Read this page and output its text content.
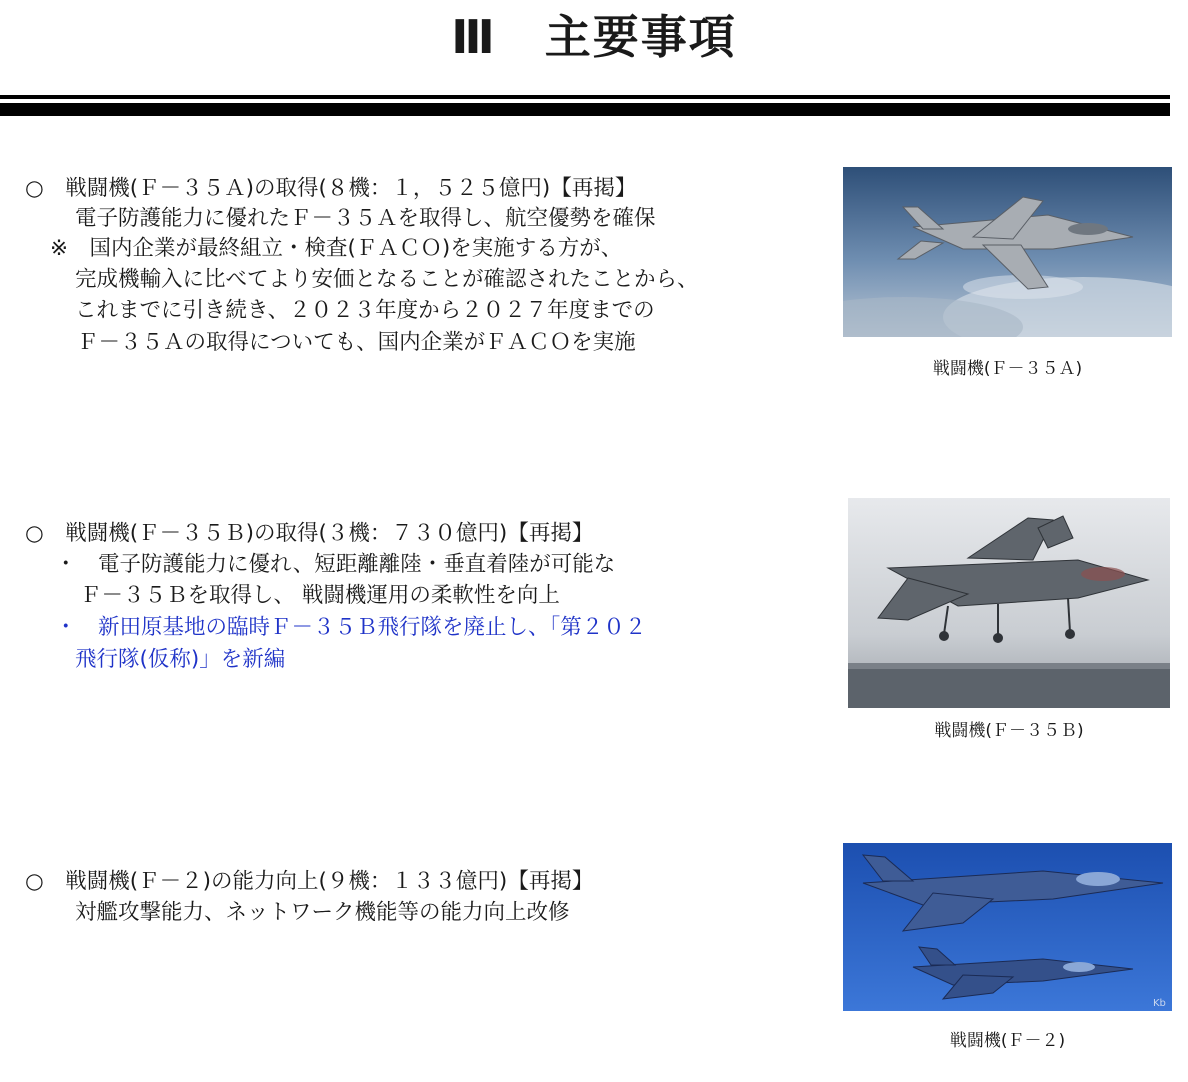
Ⅲ　主要事項
○　戦闘機(Ｆ－３５Ａ)の取得(８機：１，５２５億円)【再掲】
電子防護能力に優れたＦ－３５Ａを取得し、航空優勢を確保
※　国内企業が最終組立・検査(ＦＡＣＯ)を実施する方が、
完成機輸入に比べてより安価となることが確認されたことから、
これまでに引き続き、２０２３年度から２０２７年度までの
Ｆ－３５Ａの取得についても、国内企業がＦＡＣＯを実施
戦闘機(Ｆ－３５Ａ)
○　戦闘機(Ｆ－３５Ｂ)の取得(３機：７３０億円)【再掲】
・　電子防護能力に優れ、短距離離陸・垂直着陸が可能な
Ｆ－３５Ｂを取得し、 戦闘機運用の柔軟性を向上
・　新田原基地の臨時Ｆ－３５Ｂ飛行隊を廃止し、「第２０２
飛行隊(仮称)」を新編
戦闘機(Ｆ－３５Ｂ)
○　戦闘機(Ｆ－２)の能力向上(９機：１３３億円)【再掲】
対艦攻撃能力、ネットワーク機能等の能力向上改修
Kb
戦闘機(Ｆ－２)
